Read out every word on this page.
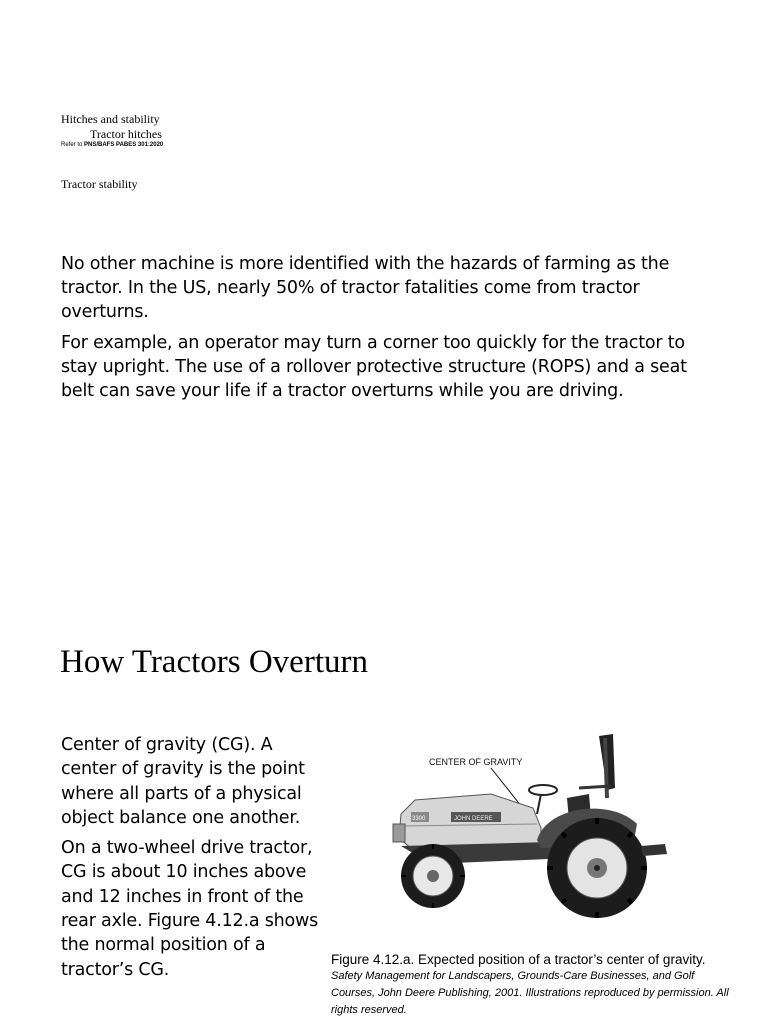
Hitches and stability
Tractor hitches
Refer to PNS/BAFS PABES 301:2020
Tractor stability

No other machine is more identified with the hazards of farming as the tractor. In the US, nearly 50% of tractor fatalities come from tractor overturns.

For example, an operator may turn a corner too quickly for the tractor to stay upright. The use of a rollover protective structure (ROPS) and a seat belt can save your life if a tractor overturns while you are driving.

How Tractors Overturn

Center of gravity (CG). A center of gravity is the point where all parts of a physical object balance one another.

On a two-wheel drive tractor, CG is about 10 inches above and 12 inches in front of the rear axle. Figure 4.12.a shows the normal position of a tractor’s CG.

CENTER OF GRAVITY
3300	JOHN DEERE
Figure 4.12.a. Expected position of a tractor’s center of gravity. Safety Management for Landscapers, Grounds-Care Businesses, and Golf Courses, John Deere Publishing, 2001. Illustrations reproduced by permission. All rights reserved.
